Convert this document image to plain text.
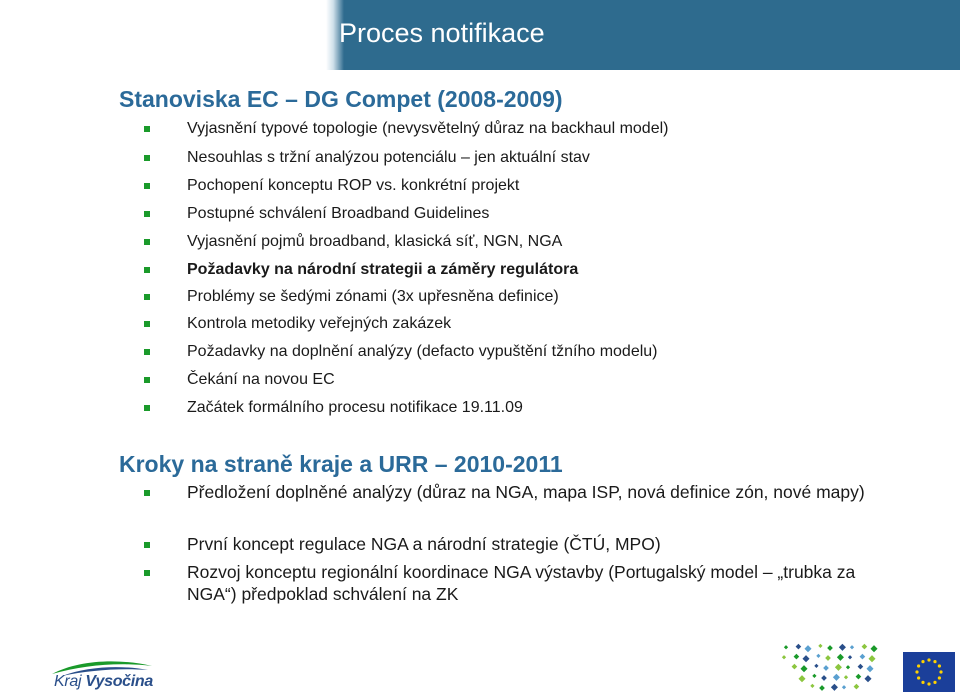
Proces notifikace
Stanoviska EC – DG Compet (2008-2009)
Vyjasnění typové topologie (nevysvětelný důraz na backhaul model)
Nesouhlas s tržní analýzou potenciálu – jen aktuální stav
Pochopení konceptu ROP vs. konkrétní projekt
Postupné schválení Broadband Guidelines
Vyjasnění pojmů broadband, klasická síť, NGN, NGA
Požadavky na národní strategii a záměry regulátora
Problémy se šedými zónami (3x upřesněna definice)
Kontrola metodiky veřejných zakázek
Požadavky na doplnění analýzy (defacto vypuštění tžního modelu)
Čekání na novou EC
Začátek formálního procesu notifikace 19.11.09
Kroky na straně kraje a URR – 2010-2011
Předložení doplněné analýzy (důraz na NGA, mapa ISP, nová definice zón, nové mapy)
První koncept regulace NGA a národní strategie (ČTÚ, MPO)
Rozvoj konceptu regionální koordinace NGA výstavby (Portugalský model – „trubka za NGA“) předpoklad schválení na ZK
Kraj Vysočina
